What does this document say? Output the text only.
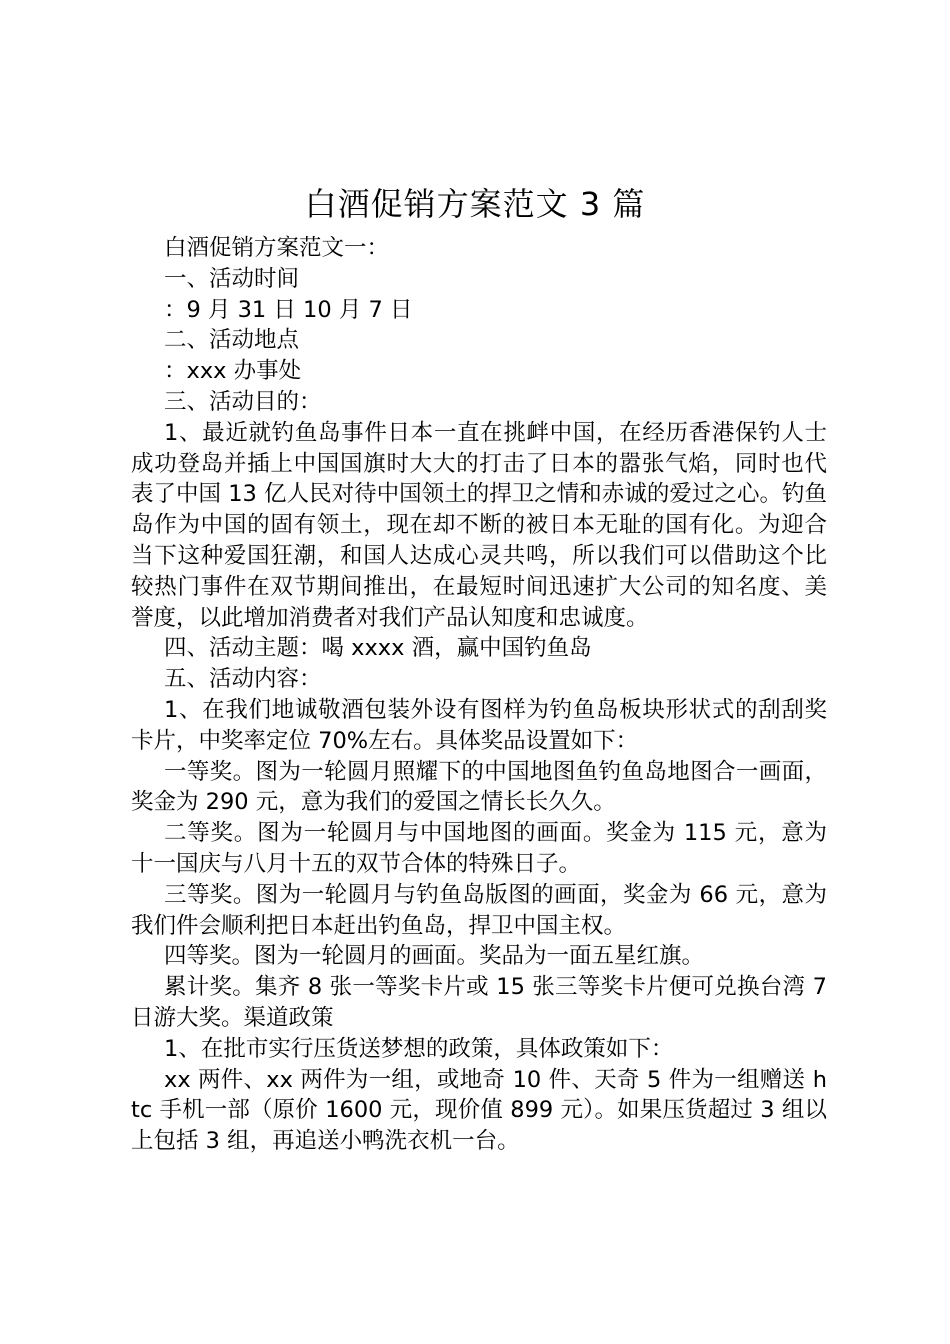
白酒促销方案范文 3 篇

白酒促销方案范文一：

一、活动时间

：9 月 31 日 10 月 7 日

二、活动地点

：xxx 办事处

三、活动目的：

1、最近就钓鱼岛事件日本一直在挑衅中国，在经历香港保钓人士成功登岛并插上中国国旗时大大的打击了日本的嚣张气焰，同时也代表了中国 13 亿人民对待中国领土的捍卫之情和赤诚的爱过之心。钓鱼岛作为中国的固有领土，现在却不断的被日本无耻的国有化。为迎合当下这种爱国狂潮，和国人达成心灵共鸣，所以我们可以借助这个比较热门事件在双节期间推出，在最短时间迅速扩大公司的知名度、美誉度，以此增加消费者对我们产品认知度和忠诚度。

四、活动主题：喝 xxxx 酒，赢中国钓鱼岛

五、活动内容：

1、在我们地诚敬酒包装外设有图样为钓鱼岛板块形状式的刮刮奖卡片，中奖率定位 70%左右。具体奖品设置如下：

一等奖。图为一轮圆月照耀下的中国地图鱼钓鱼岛地图合一画面，奖金为 290 元，意为我们的爱国之情长长久久。

二等奖。图为一轮圆月与中国地图的画面。奖金为 115 元，意为十一国庆与八月十五的双节合体的特殊日子。

三等奖。图为一轮圆月与钓鱼岛版图的画面，奖金为 66 元，意为我们件会顺利把日本赶出钓鱼岛，捍卫中国主权。

四等奖。图为一轮圆月的画面。奖品为一面五星红旗。

累计奖。集齐 8 张一等奖卡片或 15 张三等奖卡片便可兑换台湾 7 日游大奖。渠道政策

1、在批市实行压货送梦想的政策，具体政策如下：

xx 两件、xx 两件为一组，或地奇 10 件、天奇 5 件为一组赠送 htc 手机一部（原价 1600 元，现价值 899 元）。如果压货超过 3 组以上包括 3 组，再追送小鸭洗衣机一台。
